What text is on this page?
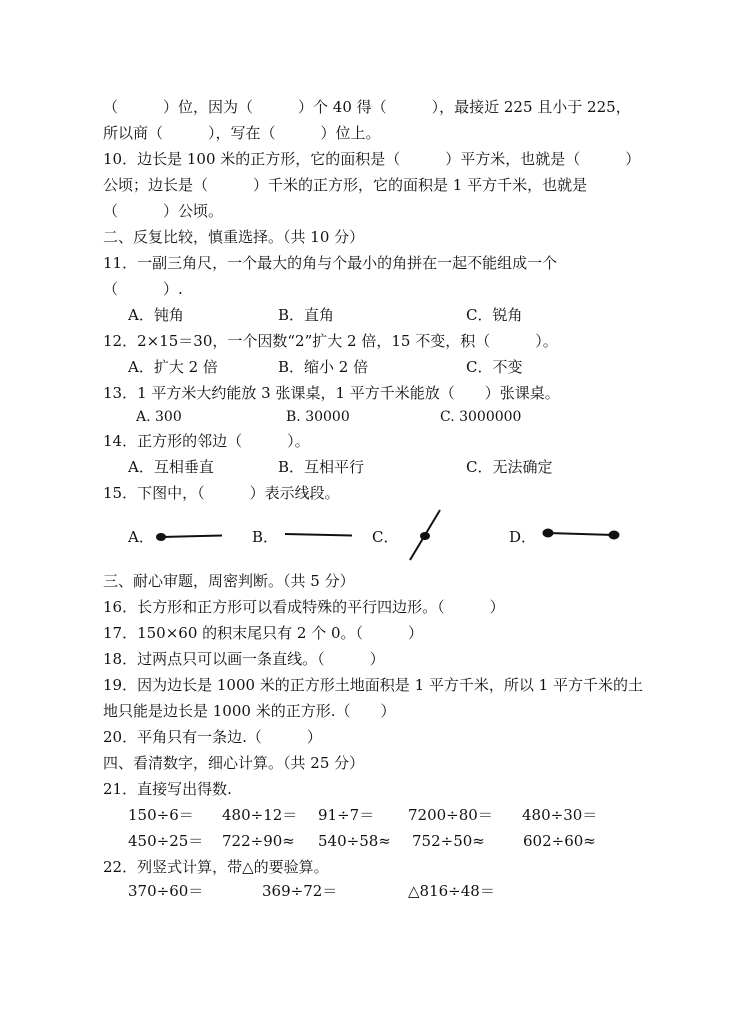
（　　　）位，因为（　　　）个 40 得（　　　），最接近 225 且小于 225，
所以商（　　　），写在（　　　）位上。
10．边长是 100 米的正方形，它的面积是（　　　）平方米，也就是（　　　）
公顷；边长是（　　　）千米的正方形，它的面积是 1 平方千米，也就是
（　　　）公顷。
二、反复比较，慎重选择。（共 10 分）
11．一副三角尺，一个最大的角与个最小的角拼在一起不能组成一个
（　　　）.
A．钝角	B．直角	C．锐角
12．2×15＝30，一个因数“2”扩大 2 倍，15 不变，积（　　　）。
A．扩大 2 倍	B．缩小 2 倍	C．不变
13．1 平方米大约能放 3 张课桌，1 平方千米能放（　　）张课桌。
A. 300	B. 30000	C. 3000000
14．正方形的邻边（　　　）。
A．互相垂直	B．互相平行	C．无法确定
15．下图中，（　　　）表示线段。
A．	B．	C．	D．
三、耐心审题，周密判断。（共 5 分）
16．长方形和正方形可以看成特殊的平行四边形。（　　　）
17．150×60 的积末尾只有 2 个 0。（　　　）
18．过两点只可以画一条直线。（　　　）
19．因为边长是 1000 米的正方形土地面积是 1 平方千米，所以 1 平方千米的土
地只能是边长是 1000 米的正方形.（　　）
20．平角只有一条边.（　　　）
四、看清数字，细心计算。（共 25 分）
21．直接写出得数.
150÷6＝ 480÷12＝ 91÷7＝ 7200÷80＝ 480÷30＝
450÷25＝ 722÷90≈ 540÷58≈ 752÷50≈	602÷60≈
22．列竖式计算，带△的要验算。
370÷60＝	369÷72＝	△816÷48＝
